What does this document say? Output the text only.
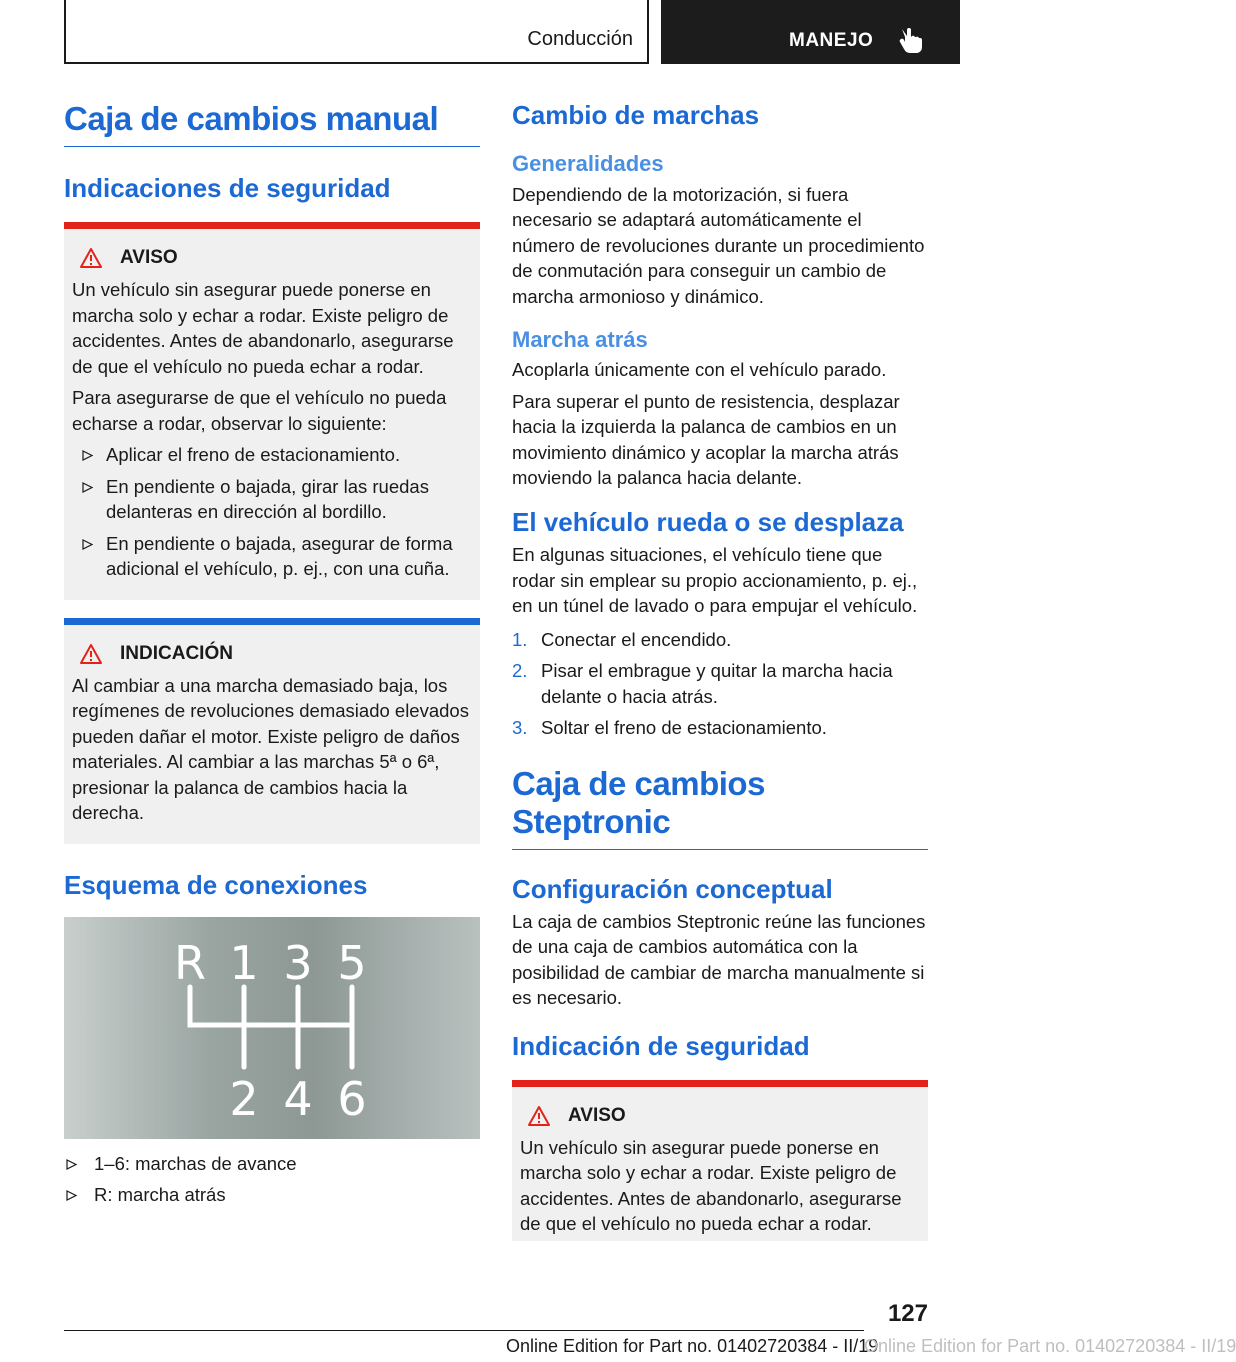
Conducción	MANEJO
Caja de cambios manual
Indicaciones de seguridad
AVISO

Un vehículo sin asegurar puede ponerse en marcha solo y echar a rodar. Existe peligro de accidentes. Antes de abandonarlo, asegurarse de que el vehículo no pueda echar a rodar.

Para asegurarse de que el vehículo no pueda echarse a rodar, observar lo siguiente:

Aplicar el freno de estacionamiento.
En pendiente o bajada, girar las ruedas delanteras en dirección al bordillo.
En pendiente o bajada, asegurar de forma adicional el vehículo, p. ej., con una cuña.
INDICACIÓN

Al cambiar a una marcha demasiado baja, los regímenes de revoluciones demasiado elevados pueden dañar el motor. Existe peligro de daños materiales. Al cambiar a las marchas 5ª o 6ª, presionar la palanca de cambios hacia la derecha.

Esquema de conexiones
R 1 3 5
2 4 6
1–6: marchas de avance
R: marcha atrás
Cambio de marchas
Generalidades

Dependiendo de la motorización, si fuera necesario se adaptará automáticamente el número de revoluciones durante un procedimiento de conmutación para conseguir un cambio de marcha armonioso y dinámico.

Marcha atrás

Acoplarla únicamente con el vehículo parado.

Para superar el punto de resistencia, desplazar hacia la izquierda la palanca de cambios en un movimiento dinámico y acoplar la marcha atrás moviendo la palanca hacia delante.

El vehículo rueda o se desplaza

En algunas situaciones, el vehículo tiene que rodar sin emplear su propio accionamiento, p. ej., en un túnel de lavado o para empujar el vehículo.

1. Conectar el encendido.
2. Pisar el embrague y quitar la marcha hacia delante o hacia atrás.
3. Soltar el freno de estacionamiento.
Caja de cambios Steptronic
Configuración conceptual

La caja de cambios Steptronic reúne las funciones de una caja de cambios automática con la posibilidad de cambiar de marcha manualmente si es necesario.

Indicación de seguridad
AVISO

Un vehículo sin asegurar puede ponerse en marcha solo y echar a rodar. Existe peligro de accidentes. Antes de abandonarlo, asegurarse de que el vehículo no pueda echar a rodar.

127
Online Edition for Part no. 01402720384 - II/19
Online Edition for Part no. 01402720384 - II/19
